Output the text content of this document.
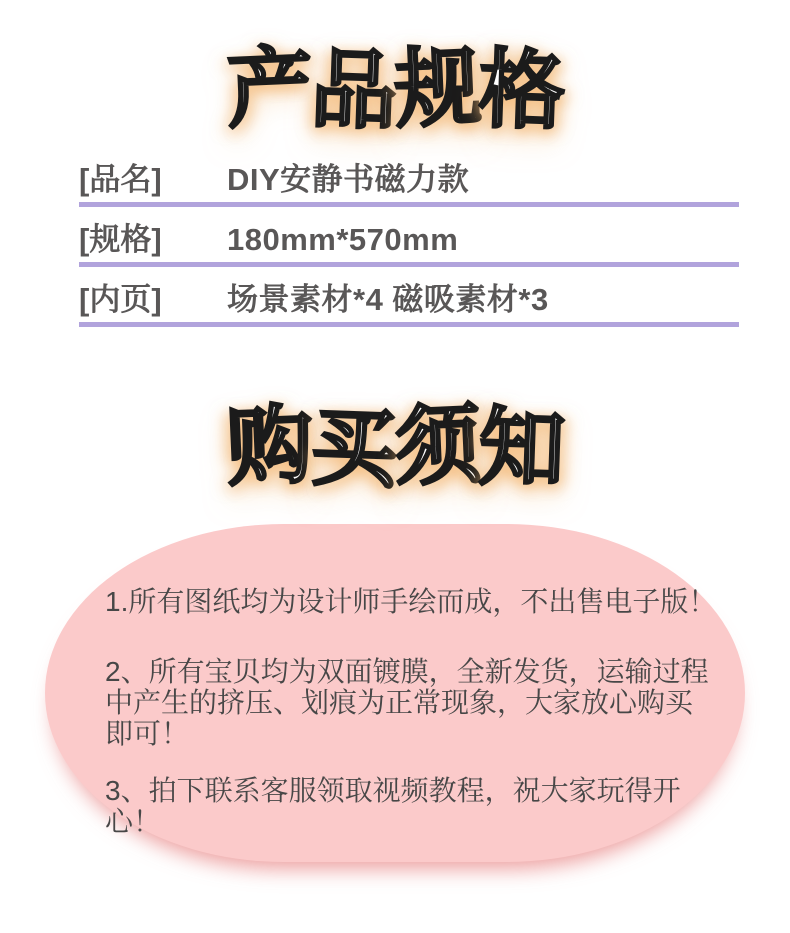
产品规格
[品名]	DIY安静书磁力款
[规格]	180mm*570mm
[内页]	场景素材*4 磁吸素材*3
购买须知

1.所有图纸均为设计师手绘而成，不出售电子版！

2、所有宝贝均为双面镀膜，全新发货，运输过程中产生的挤压、划痕为正常现象，大家放心购买即可！

3、拍下联系客服领取视频教程，祝大家玩得开心！
